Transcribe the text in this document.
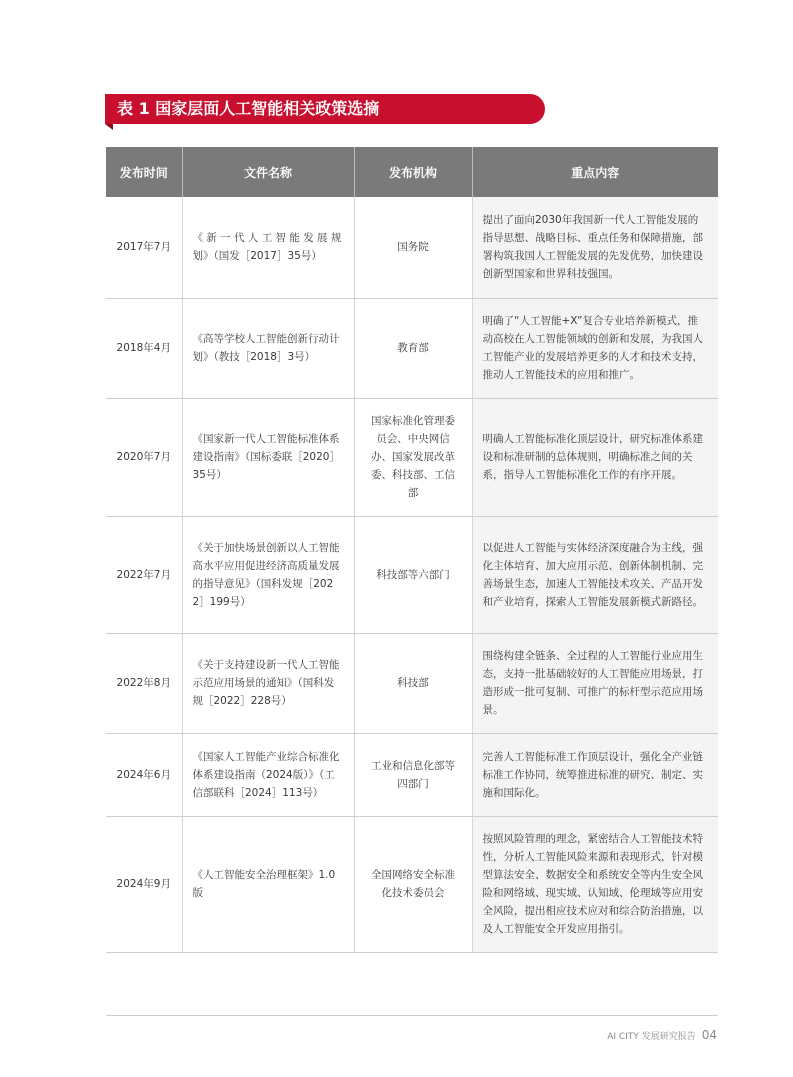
表 1 国家层面人工智能相关政策选摘
发布时间	文件名称	发布机构	重点内容
2017年7月	《 新 一 代 人 工 智 能 发 展 规 划》（国发［2017］35号）	国务院	提出了面向2030年我国新一代人工智能发展的指导思想、战略目标、重点任务和保障措施，部署构筑我国人工智能发展的先发优势，加快建设创新型国家和世界科技强国。
2018年4月	《高等学校人工智能创新行动计划》（教技［2018］3号）	教育部	明确了“人工智能+X”复合专业培养新模式，推动高校在人工智能领域的创新和发展，为我国人工智能产业的发展培养更多的人才和技术支持，推动人工智能技术的应用和推广。
2020年7月	《国家新一代人工智能标准体系建设指南》（国标委联［2020］35号）	国家标准化管理委员会、中央网信办、国家发展改革委、科技部、工信部	明确人工智能标准化顶层设计，研究标准体系建设和标准研制的总体规则，明确标准之间的关系，指导人工智能标准化工作的有序开展。
2022年7月	《关于加快场景创新以人工智能高水平应用促进经济高质量发展的指导意见》（国科发规［2022］199号）	科技部等六部门	以促进人工智能与实体经济深度融合为主线，强化主体培育、加大应用示范、创新体制机制、完善场景生态，加速人工智能技术攻关、产品开发和产业培育，探索人工智能发展新模式新路径。
2022年8月	《关于支持建设新一代人工智能示范应用场景的通知》（国科发规［2022］228号）	科技部	围绕构建全链条、全过程的人工智能行业应用生态，支持一批基础较好的人工智能应用场景，打造形成一批可复制、可推广的标杆型示范应用场景。
2024年6月	《国家人工智能产业综合标准化体系建设指南（2024版）》（工信部联科［2024］113号）	工业和信息化部等四部门	完善人工智能标准工作顶层设计，强化全产业链标准工作协同，统筹推进标准的研究、制定、实施和国际化。
2024年9月	《人工智能安全治理框架》1.0版	全国网络安全标准化技术委员会	按照风险管理的理念，紧密结合人工智能技术特性，分析人工智能风险来源和表现形式，针对模型算法安全、数据安全和系统安全等内生安全风险和网络域、现实域、认知域、伦理域等应用安全风险，提出相应技术应对和综合防治措施，以及人工智能安全开发应用指引。
AI CITY 发展研究报告 04
